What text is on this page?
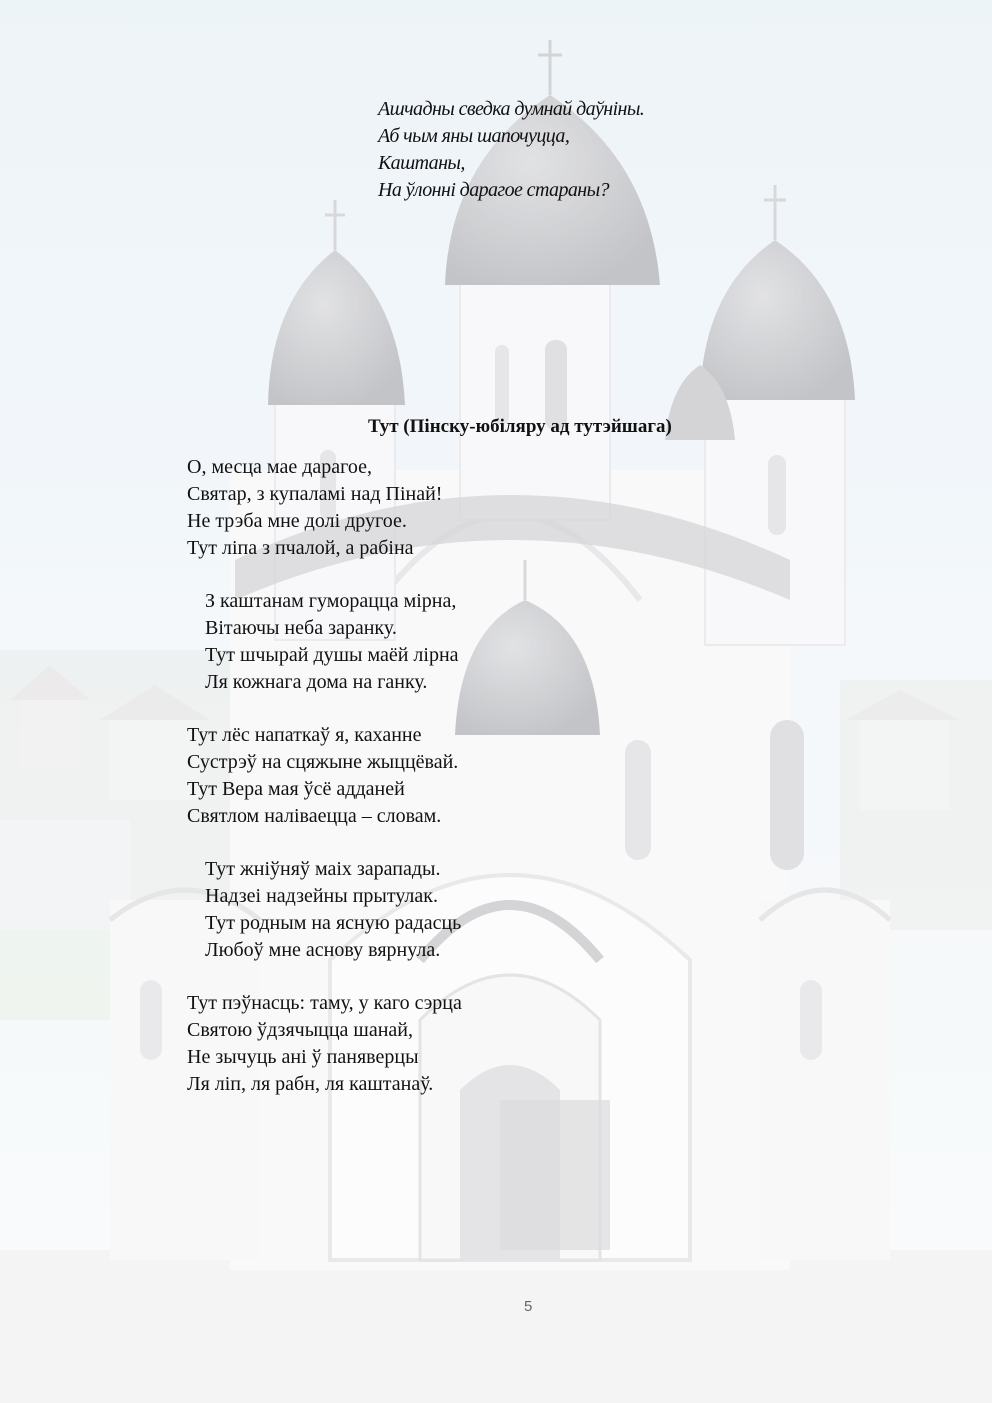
Ашчадны сведка думнай даўніны.
Аб чым яны шапочуцца,
Каштаны,
На ўлонні дарагое стараны?
Тут (Пінску-юбіляру ад тутэйшага)
О, месца мае дарагое,
Святар, з купаламі над Пінай!
Не трэба мне долі другое.
Тут ліпа з пчалой, а рабіна
З каштанам гуморацца мірна,
Вітаючы неба заранку.
Тут шчырай душы маёй лірна
Ля кожнага дома на ганку.
Тут лёс напаткаў я, каханне
Сустрэў на сцяжыне жыццёвай.
Тут Вера мая ўсё адданей
Святлом наліваецца – словам.
Тут жніўняў маіх зарапады.
Надзеі надзейны прытулак.
Тут родным на ясную радасць
Любоў мне аснову вярнула.
Тут пэўнасць: таму, у каго сэрца
Святою ўдзячыцца шанай,
Не зычуць ані ў паняверцы
Ля ліп, ля рабн, ля каштанаў.
5
